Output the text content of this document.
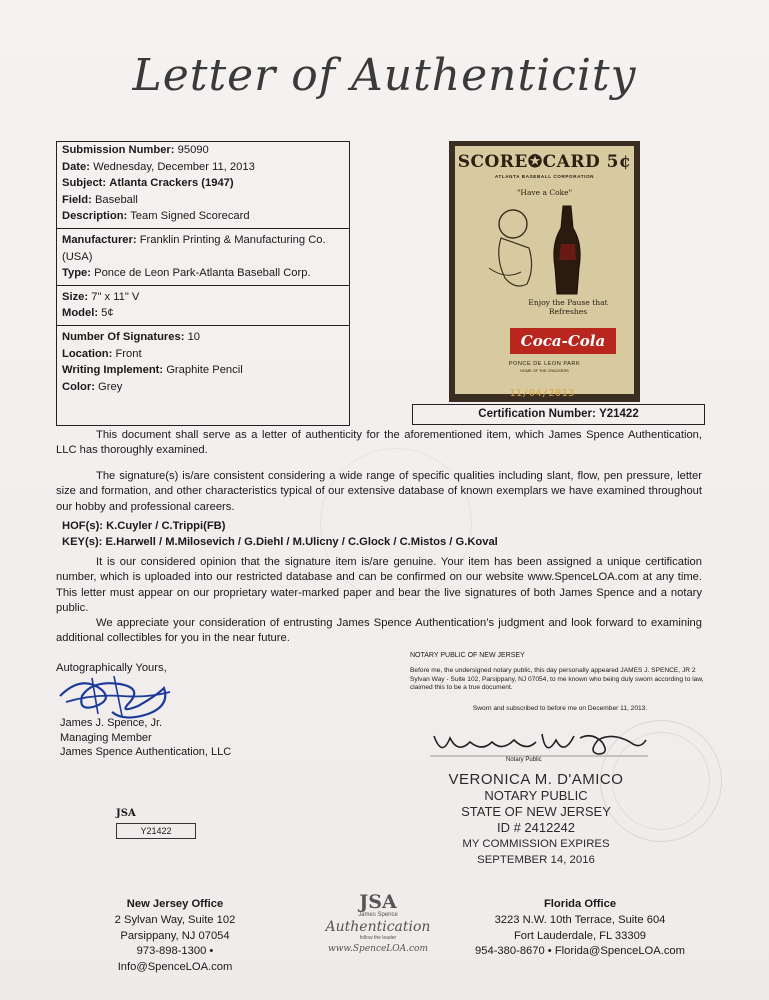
Letter of Authenticity
Submission Number: 95090
Date: Wednesday, December 11, 2013
Subject: Atlanta Crackers (1947)
Field: Baseball
Description: Team Signed Scorecard
Manufacturer: Franklin Printing & Manufacturing Co. (USA)
Type: Ponce de Leon Park-Atlanta Baseball Corp.
Size: 7" x 11" V
Model: 5¢
Number Of Signatures: 10
Location: Front
Writing Implement: Graphite Pencil
Color: Grey
SCORE✪CARD 5¢
ATLANTA BASEBALL CORPORATION
"Have a Coke"
Enjoy the Pause that Refreshes
Coca-Cola
PONCE DE LEON PARK
HOME OF THE CRACKERS
11/04/2013
Certification Number: Y21422
This document shall serve as a letter of authenticity for the aforementioned item, which James Spence Authentication, LLC has thoroughly examined.
The signature(s) is/are consistent considering a wide range of specific qualities including slant, flow, pen pressure, letter size and formation, and other characteristics typical of our extensive database of known exemplars we have examined throughout our hobby and professional careers.
HOF(s): K.Cuyler / C.Trippi(FB)
KEY(s): E.Harwell / M.Milosevich / G.Diehl / M.Ulicny / C.Glock / C.Mistos / G.Koval
It is our considered opinion that the signature item is/are genuine. Your item has been assigned a unique certification number, which is uploaded into our restricted database and can be confirmed on our website www.SpenceLOA.com at any time. This letter must appear on our proprietary water-marked paper and bear the live signatures of both James Spence and a notary public.
We appreciate your consideration of entrusting James Spence Authentication’s judgment and look forward to examining additional collectibles for you in the near future.
Autographically Yours,
James J. Spence, Jr.
Managing Member
James Spence Authentication, LLC
JSA
Y21422
NOTARY PUBLIC OF NEW JERSEY
Before me, the undersigned notary public, this day personally appeared JAMES J. SPENCE, JR 2 Sylvan Way - Suite 102, Parsippany, NJ 07054, to me known who being duly sworn according to law, claimed this to be a true document.
Sworn and subscribed to before me on December 11, 2013.
Notary Public
VERONICA M. D'AMICO
NOTARY PUBLIC
STATE OF NEW JERSEY
ID # 2412242
MY COMMISSION EXPIRES SEPTEMBER 14, 2016
New Jersey Office
2 Sylvan Way, Suite 102
Parsippany, NJ 07054
973-898-1300 • Info@SpenceLOA.com
JSA
James Spence
Authentication
follow the leader
www.SpenceLOA.com
Florida Office
3223 N.W. 10th Terrace, Suite 604
Fort Lauderdale, FL 33309
954-380-8670 • Florida@SpenceLOA.com
